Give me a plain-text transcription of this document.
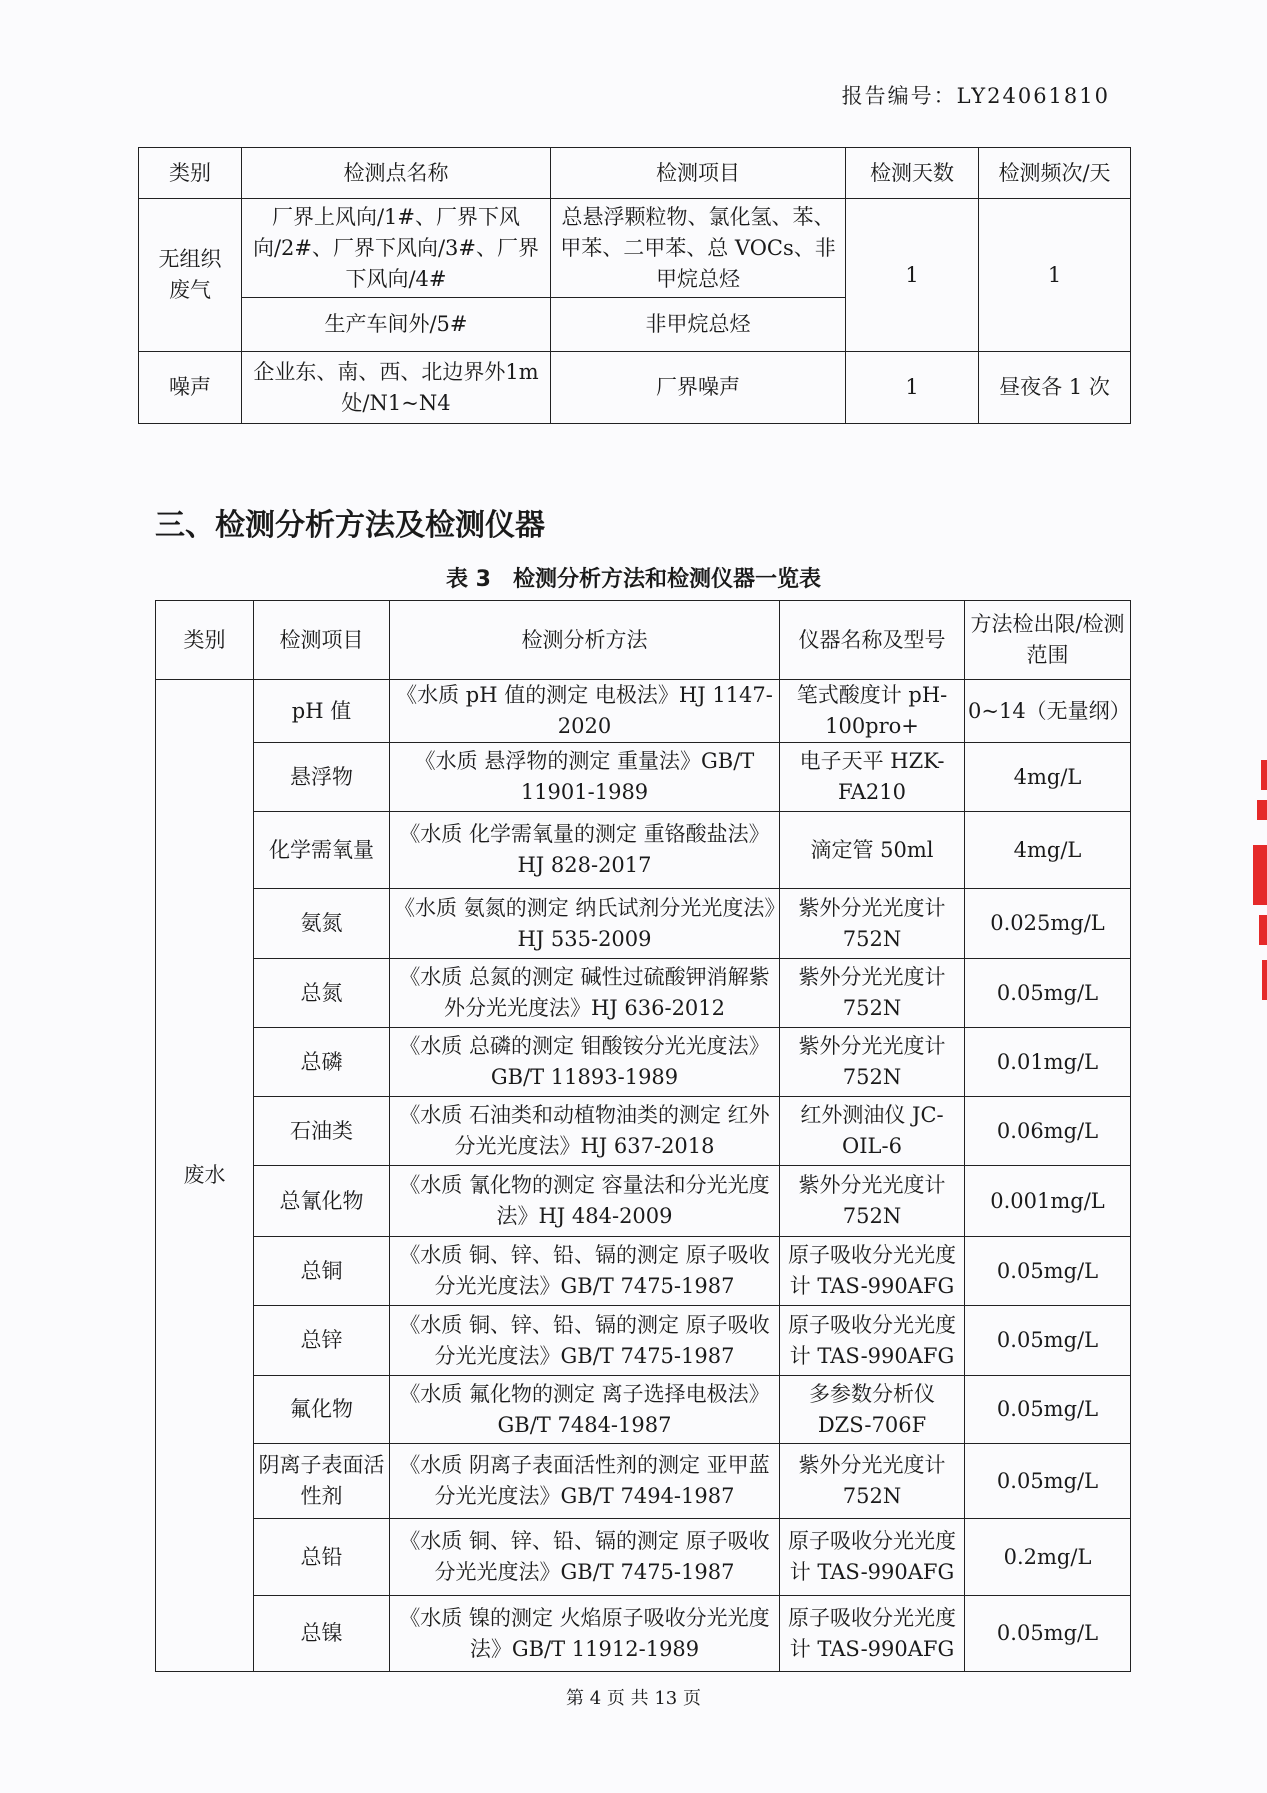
报告编号：LY24061810
类别	检测点名称	检测项目	检测天数	检测频次/天
无组织废气	厂界上风向/1#、厂界下风向/2#、厂界下风向/3#、厂界下风向/4#	总悬浮颗粒物、氯化氢、苯、甲苯、二甲苯、总 VOCs、非甲烷总烃	1	1
	生产车间外/5#	非甲烷总烃		
噪声	企业东、南、西、北边界外1m 处/N1~N4	厂界噪声	1	昼夜各 1 次
三、检测分析方法及检测仪器
表 3　检测分析方法和检测仪器一览表
类别	检测项目	检测分析方法	仪器名称及型号	方法检出限/检测范围
废水	pH 值	《水质 pH 值的测定 电极法》HJ 1147-2020	笔式酸度计 pH-100pro+	0~14（无量纲）
	悬浮物	《水质 悬浮物的测定 重量法》GB/T 11901-1989	电子天平 HZK-FA210	4mg/L
	化学需氧量	《水质 化学需氧量的测定 重铬酸盐法》HJ 828-2017	滴定管 50ml	4mg/L
	氨氮	《水质 氨氮的测定 纳氏试剂分光光度法》HJ 535-2009	紫外分光光度计 752N	0.025mg/L
	总氮	《水质 总氮的测定 碱性过硫酸钾消解紫外分光光度法》HJ 636-2012	紫外分光光度计 752N	0.05mg/L
	总磷	《水质 总磷的测定 钼酸铵分光光度法》GB/T 11893-1989	紫外分光光度计 752N	0.01mg/L
	石油类	《水质 石油类和动植物油类的测定 红外分光光度法》HJ 637-2018	红外测油仪 JC-OIL-6	0.06mg/L
	总氰化物	《水质 氰化物的测定 容量法和分光光度法》HJ 484-2009	紫外分光光度计 752N	0.001mg/L
	总铜	《水质 铜、锌、铅、镉的测定 原子吸收分光光度法》GB/T 7475-1987	原子吸收分光光度计 TAS-990AFG	0.05mg/L
	总锌	《水质 铜、锌、铅、镉的测定 原子吸收分光光度法》GB/T 7475-1987	原子吸收分光光度计 TAS-990AFG	0.05mg/L
	氟化物	《水质 氟化物的测定 离子选择电极法》GB/T 7484-1987	多参数分析仪 DZS-706F	0.05mg/L
	阴离子表面活性剂	《水质 阴离子表面活性剂的测定 亚甲蓝分光光度法》GB/T 7494-1987	紫外分光光度计 752N	0.05mg/L
	总铅	《水质 铜、锌、铅、镉的测定 原子吸收分光光度法》GB/T 7475-1987	原子吸收分光光度计 TAS-990AFG	0.2mg/L
	总镍	《水质 镍的测定 火焰原子吸收分光光度法》GB/T 11912-1989	原子吸收分光光度计 TAS-990AFG	0.05mg/L
第 4 页 共 13 页
